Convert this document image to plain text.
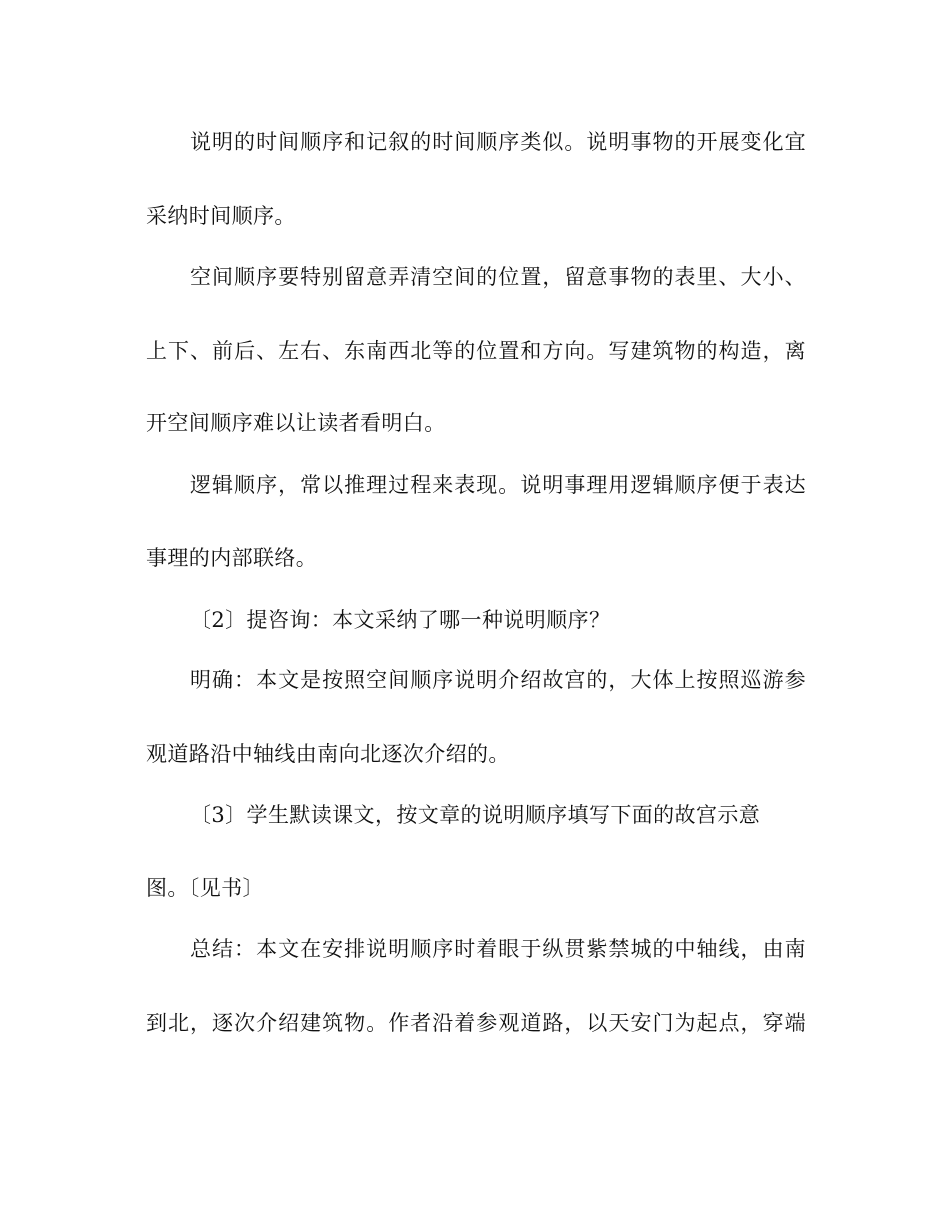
说明的时间顺序和记叙的时间顺序类似。说明事物的开展变化宜
采纳时间顺序。
空间顺序要特别留意弄清空间的位置，留意事物的表里、大小、
上下、前后、左右、东南西北等的位置和方向。写建筑物的构造，离
开空间顺序难以让读者看明白。
逻辑顺序，常以推理过程来表现。说明事理用逻辑顺序便于表达
事理的内部联络。
〔2〕提咨询：本文采纳了哪一种说明顺序？
明确：本文是按照空间顺序说明介绍故宫的，大体上按照巡游参
观道路沿中轴线由南向北逐次介绍的。
〔3〕学生默读课文，按文章的说明顺序填写下面的故宫示意
图。〔见书〕
总结：本文在安排说明顺序时着眼于纵贯紫禁城的中轴线，由南
到北，逐次介绍建筑物。作者沿着参观道路，以天安门为起点，穿端
